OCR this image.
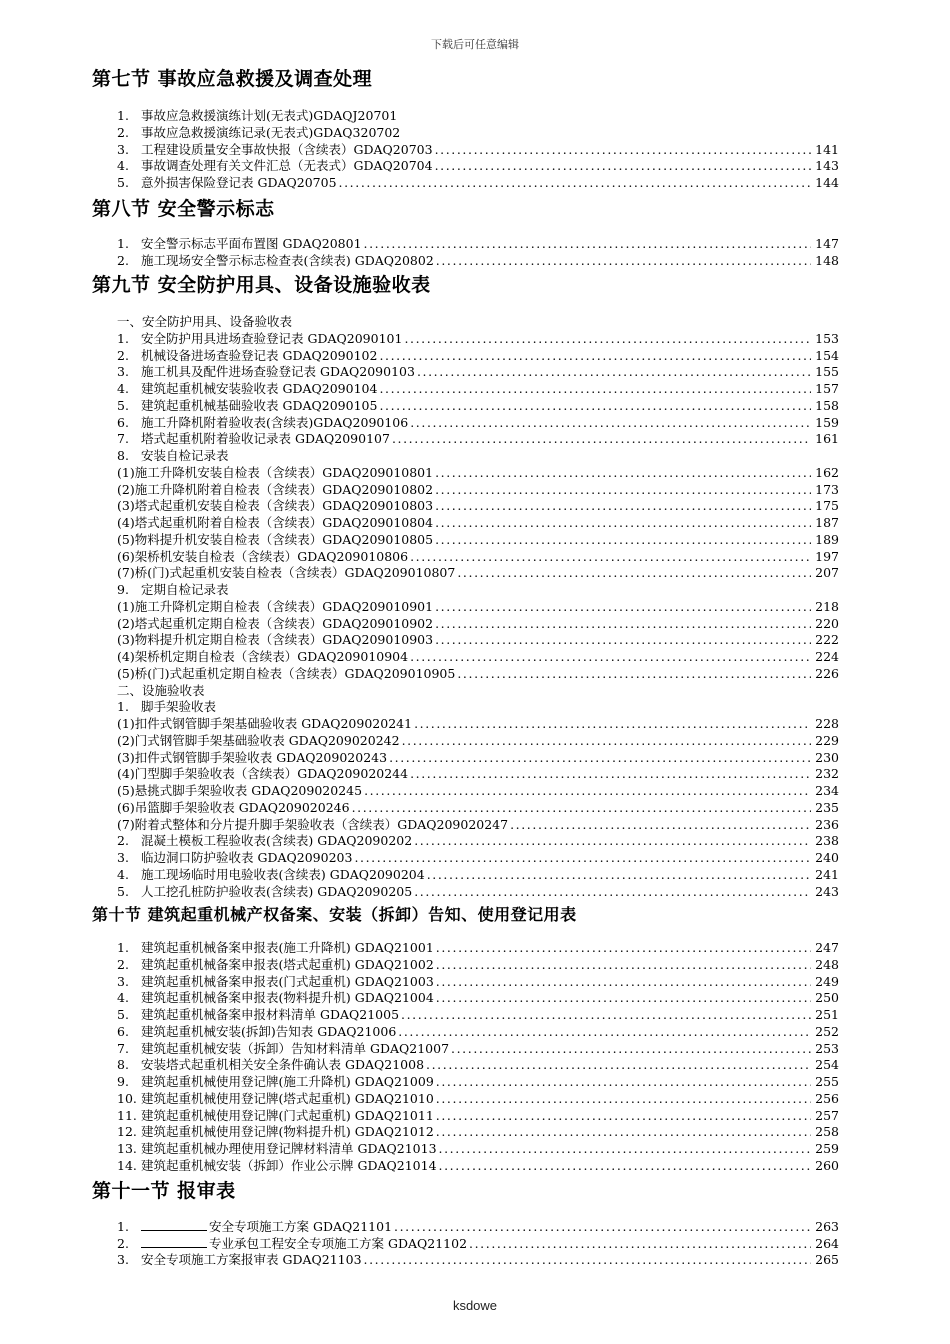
下载后可任意编辑
第七节 事故应急救援及调查处理
1. 事故应急救援演练计划(无表式)GDAQJ20701
2. 事故应急救援演练记录(无表式)GDAQ320702
3. 工程建设质量安全事故快报（含续表）GDAQ20703 .....	141
4. 事故调查处理有关文件汇总（无表式）GDAQ20704 .....	143
5. 意外损害保险登记表 GDAQ20705 .....	144
第八节 安全警示标志
1. 安全警示标志平面布置图 GDAQ20801 .....	147
2. 施工现场安全警示标志检查表(含续表) GDAQ20802 .....	148
第九节 安全防护用具、设备设施验收表
一、安全防护用具、设备验收表
1. 安全防护用具进场查验登记表 GDAQ2090101 .....	153
2. 机械设备进场查验登记表 GDAQ2090102 .....	154
3. 施工机具及配件进场查验登记表 GDAQ2090103 .....	155
4. 建筑起重机械安装验收表 GDAQ2090104 .....	157
5. 建筑起重机械基础验收表 GDAQ2090105 .....	158
6. 施工升降机附着验收表(含续表)GDAQ2090106 .....	159
7. 塔式起重机附着验收记录表 GDAQ2090107 .....	161
8. 安装自检记录表
(1) 施工升降机安装自检表（含续表）GDAQ209010801 .....	162
(2) 施工升降机附着自检表（含续表）GDAQ209010802 .....	173
(3) 塔式起重机安装自检表（含续表）GDAQ209010803 .....	175
(4) 塔式起重机附着自检表（含续表）GDAQ209010804 .....	187
(5) 物料提升机安装自检表（含续表）GDAQ209010805 .....	189
(6) 架桥机安装自检表（含续表）GDAQ209010806 .....	197
(7) 桥(门)式起重机安装自检表（含续表）GDAQ209010807 .....	207
9. 定期自检记录表
(1) 施工升降机定期自检表（含续表）GDAQ209010901 .....	218
(2) 塔式起重机定期自检表（含续表）GDAQ209010902 .....	220
(3) 物料提升机定期自检表（含续表）GDAQ209010903 .....	222
(4) 架桥机定期自检表（含续表）GDAQ209010904 .....	224
(5) 桥(门)式起重机定期自检表（含续表）GDAQ209010905 .....	226
二、设施验收表
1. 脚手架验收表
(1) 扣件式钢管脚手架基础验收表 GDAQ209020241 .....	228
(2) 门式钢管脚手架基础验收表 GDAQ209020242 .....	229
(3) 扣件式钢管脚手架验收表 GDAQ209020243 .....	230
(4) 门型脚手架验收表（含续表）GDAQ209020244 .....	232
(5) 悬挑式脚手架验收表 GDAQ209020245 .....	234
(6) 吊篮脚手架验收表 GDAQ209020246 .....	235
(7) 附着式整体和分片提升脚手架验收表（含续表）GDAQ209020247 .....	236
2. 混凝土模板工程验收表(含续表) GDAQ2090202 .....	238
3. 临边洞口防护验收表 GDAQ2090203 .....	240
4. 施工现场临时用电验收表(含续表) GDAQ2090204 .....	241
5. 人工挖孔桩防护验收表(含续表) GDAQ2090205 .....	243
第十节 建筑起重机械产权备案、安装（拆卸）告知、使用登记用表
1. 建筑起重机械备案申报表(施工升降机) GDAQ21001 .....	247
2. 建筑起重机械备案申报表(塔式起重机) GDAQ21002 .....	248
3. 建筑起重机械备案申报表(门式起重机) GDAQ21003 .....	249
4. 建筑起重机械备案申报表(物料提升机) GDAQ21004 .....	250
5. 建筑起重机械备案申报材料清单 GDAQ21005 .....	251
6. 建筑起重机械安装(拆卸)告知表 GDAQ21006 .....	252
7. 建筑起重机械安装（拆卸）告知材料清单 GDAQ21007 .....	253
8. 安装塔式起重机相关安全条件确认表 GDAQ21008 .....	254
9. 建筑起重机械使用登记牌(施工升降机) GDAQ21009 .....	255
10. 建筑起重机械使用登记牌(塔式起重机) GDAQ21010 .....	256
11. 建筑起重机械使用登记牌(门式起重机) GDAQ21011 .....	257
12. 建筑起重机械使用登记牌(物料提升机) GDAQ21012 .....	258
13. 建筑起重机械办理使用登记牌材料清单 GDAQ21013 .....	259
14. 建筑起重机械安装（拆卸）作业公示牌 GDAQ21014 .....	260
第十一节 报审表
1.	安全专项施工方案 GDAQ21101 .....	263
2.	专业承包工程安全专项施工方案 GDAQ21102 .....	264
3. 安全专项施工方案报审表 GDAQ21103 .....	265
ksdowe
